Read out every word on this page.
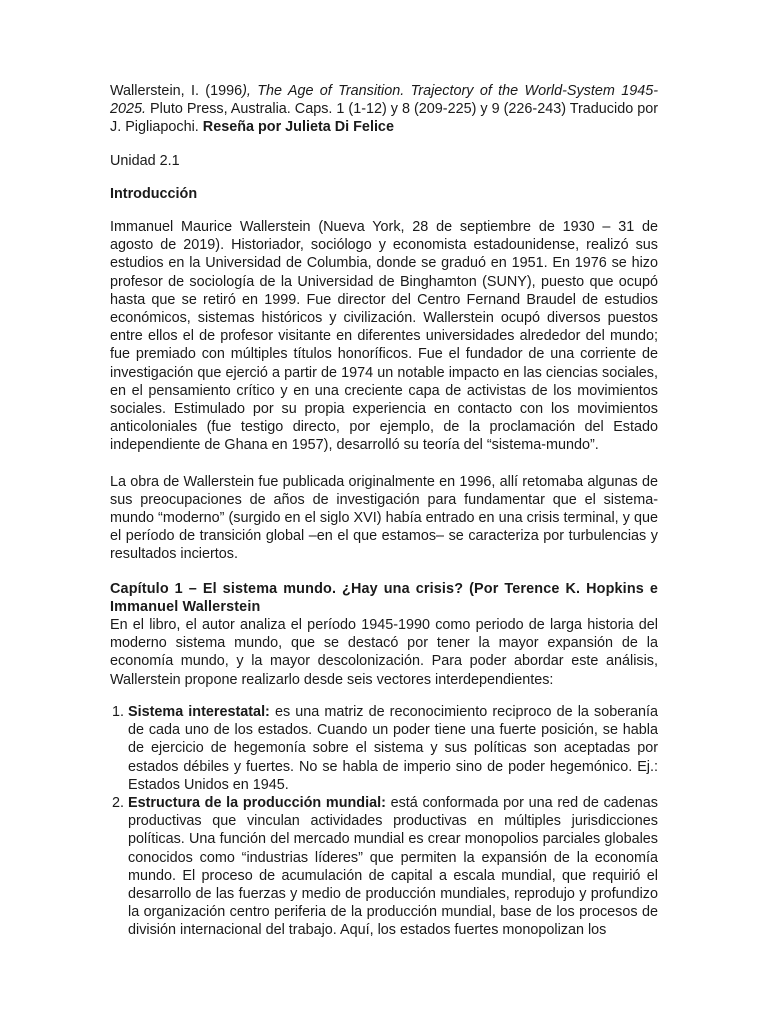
Wallerstein, I. (1996), The Age of Transition. Trajectory of the World-System 1945-2025. Pluto Press, Australia. Caps. 1 (1-12) y 8 (209-225) y 9 (226-243) Traducido por J. Pigliapochi. Reseña por Julieta Di Felice

Unidad 2.1

Introducción

Immanuel Maurice Wallerstein (Nueva York, 28 de septiembre de 1930 – 31 de agosto de 2019). Historiador, sociólogo y economista estadounidense, realizó sus estudios en la Universidad de Columbia, donde se graduó en 1951. En 1976 se hizo profesor de sociología de la Universidad de Binghamton (SUNY), puesto que ocupó hasta que se retiró en 1999. Fue director del Centro Fernand Braudel de estudios económicos, sistemas históricos y civilización. Wallerstein ocupó diversos puestos entre ellos el de profesor visitante en diferentes universidades alrededor del mundo; fue premiado con múltiples títulos honoríficos. Fue el fundador de una corriente de investigación que ejerció a partir de 1974 un notable impacto en las ciencias sociales, en el pensamiento crítico y en una creciente capa de activistas de los movimientos sociales. Estimulado por su propia experiencia en contacto con los movimientos anticoloniales (fue testigo directo, por ejemplo, de la proclamación del Estado independiente de Ghana en 1957), desarrolló su teoría del “sistema-mundo”.

La obra de Wallerstein fue publicada originalmente en 1996, allí retomaba algunas de sus preocupaciones de años de investigación para fundamentar que el sistema-mundo “moderno” (surgido en el siglo XVI) había entrado en una crisis terminal, y que el período de transición global –en el que estamos– se caracteriza por turbulencias y resultados inciertos.

Capítulo 1 – El sistema mundo. ¿Hay una crisis? (Por Terence K. Hopkins e Immanuel Wallerstein

En el libro, el autor analiza el período 1945-1990 como periodo de larga historia del moderno sistema mundo, que se destacó por tener la mayor expansión de la economía mundo, y la mayor descolonización. Para poder abordar este análisis, Wallerstein propone realizarlo desde seis vectores interdependientes:

1. Sistema interestatal: es una matriz de reconocimiento reciproco de la soberanía de cada uno de los estados. Cuando un poder tiene una fuerte posición, se habla de ejercicio de hegemonía sobre el sistema y sus políticas son aceptadas por estados débiles y fuertes. No se habla de imperio sino de poder hegemónico. Ej.: Estados Unidos en 1945.
2. Estructura de la producción mundial: está conformada por una red de cadenas productivas que vinculan actividades productivas en múltiples jurisdicciones políticas. Una función del mercado mundial es crear monopolios parciales globales conocidos como “industrias líderes” que permiten la expansión de la economía mundo. El proceso de acumulación de capital a escala mundial, que requirió el desarrollo de las fuerzas y medio de producción mundiales, reprodujo y profundizo la organización centro periferia de la producción mundial, base de los procesos de división internacional del trabajo. Aquí, los estados fuertes monopolizan los
